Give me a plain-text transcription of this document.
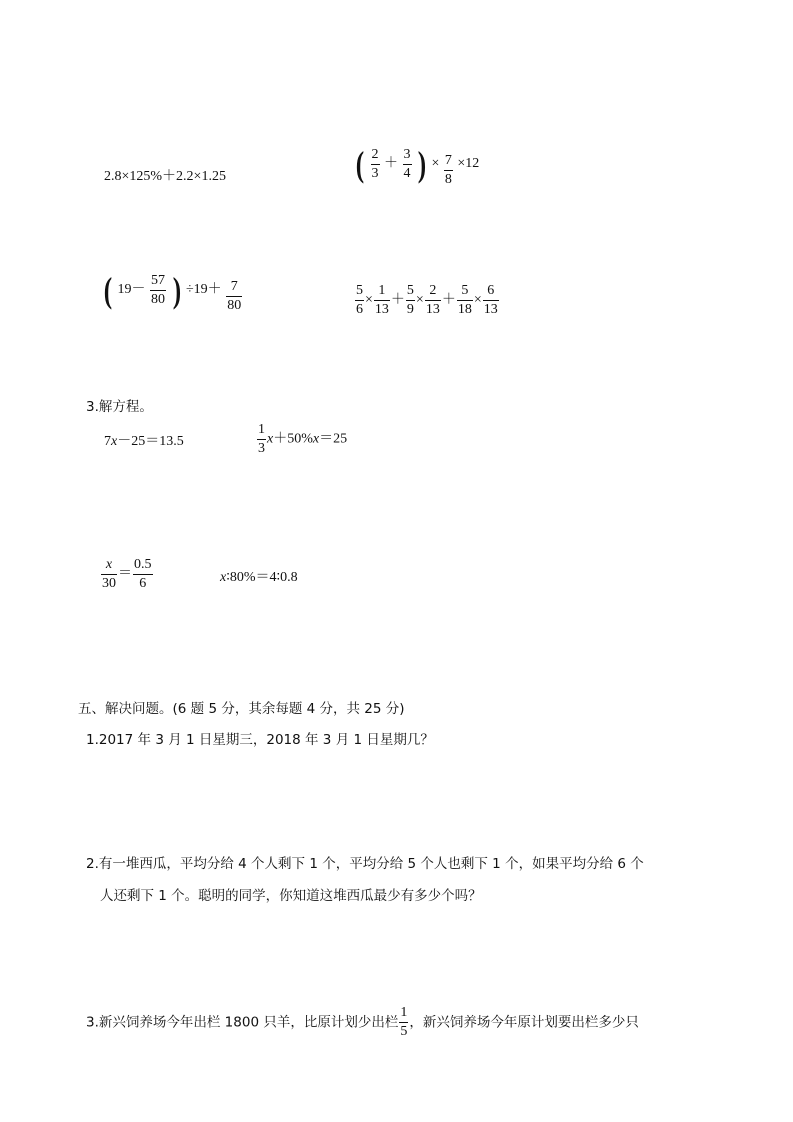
2.8×125%＋2.2×1.25	( $\frac{2}{3} + \frac{3}{4}$ ) × $\frac{7}{8} \times 12$
( $19- \frac{57}{80}$ ) $\div 19+ \frac{7}{80}$	$\frac{5}{6} \times \frac{1}{13} + \frac{5}{9} \times \frac{2}{13} + \frac{5}{18} \times \frac{6}{13}$
3.解方程。
7x－25＝13.5	$\frac{1}{3} x+50\%x=25$
$\frac{x}{30} = \frac{0.5}{6}$	x∶80%＝4∶0.8
五、解决问题。(6 题 5 分，其余每题 4 分，共 25 分)
1.2017 年 3 月 1 日星期三，2018 年 3 月 1 日星期几？
2.有一堆西瓜，平均分给 4 个人剩下 1 个，平均分给 5 个人也剩下 1 个，如果平均分给 6 个
人还剩下 1 个。聪明的同学，你知道这堆西瓜最少有多少个吗？
3.新兴饲养场今年出栏 1800 只羊，比原计划少出栏 $\frac{1}{5}$ ，新兴饲养场今年原计划要出栏多少只
